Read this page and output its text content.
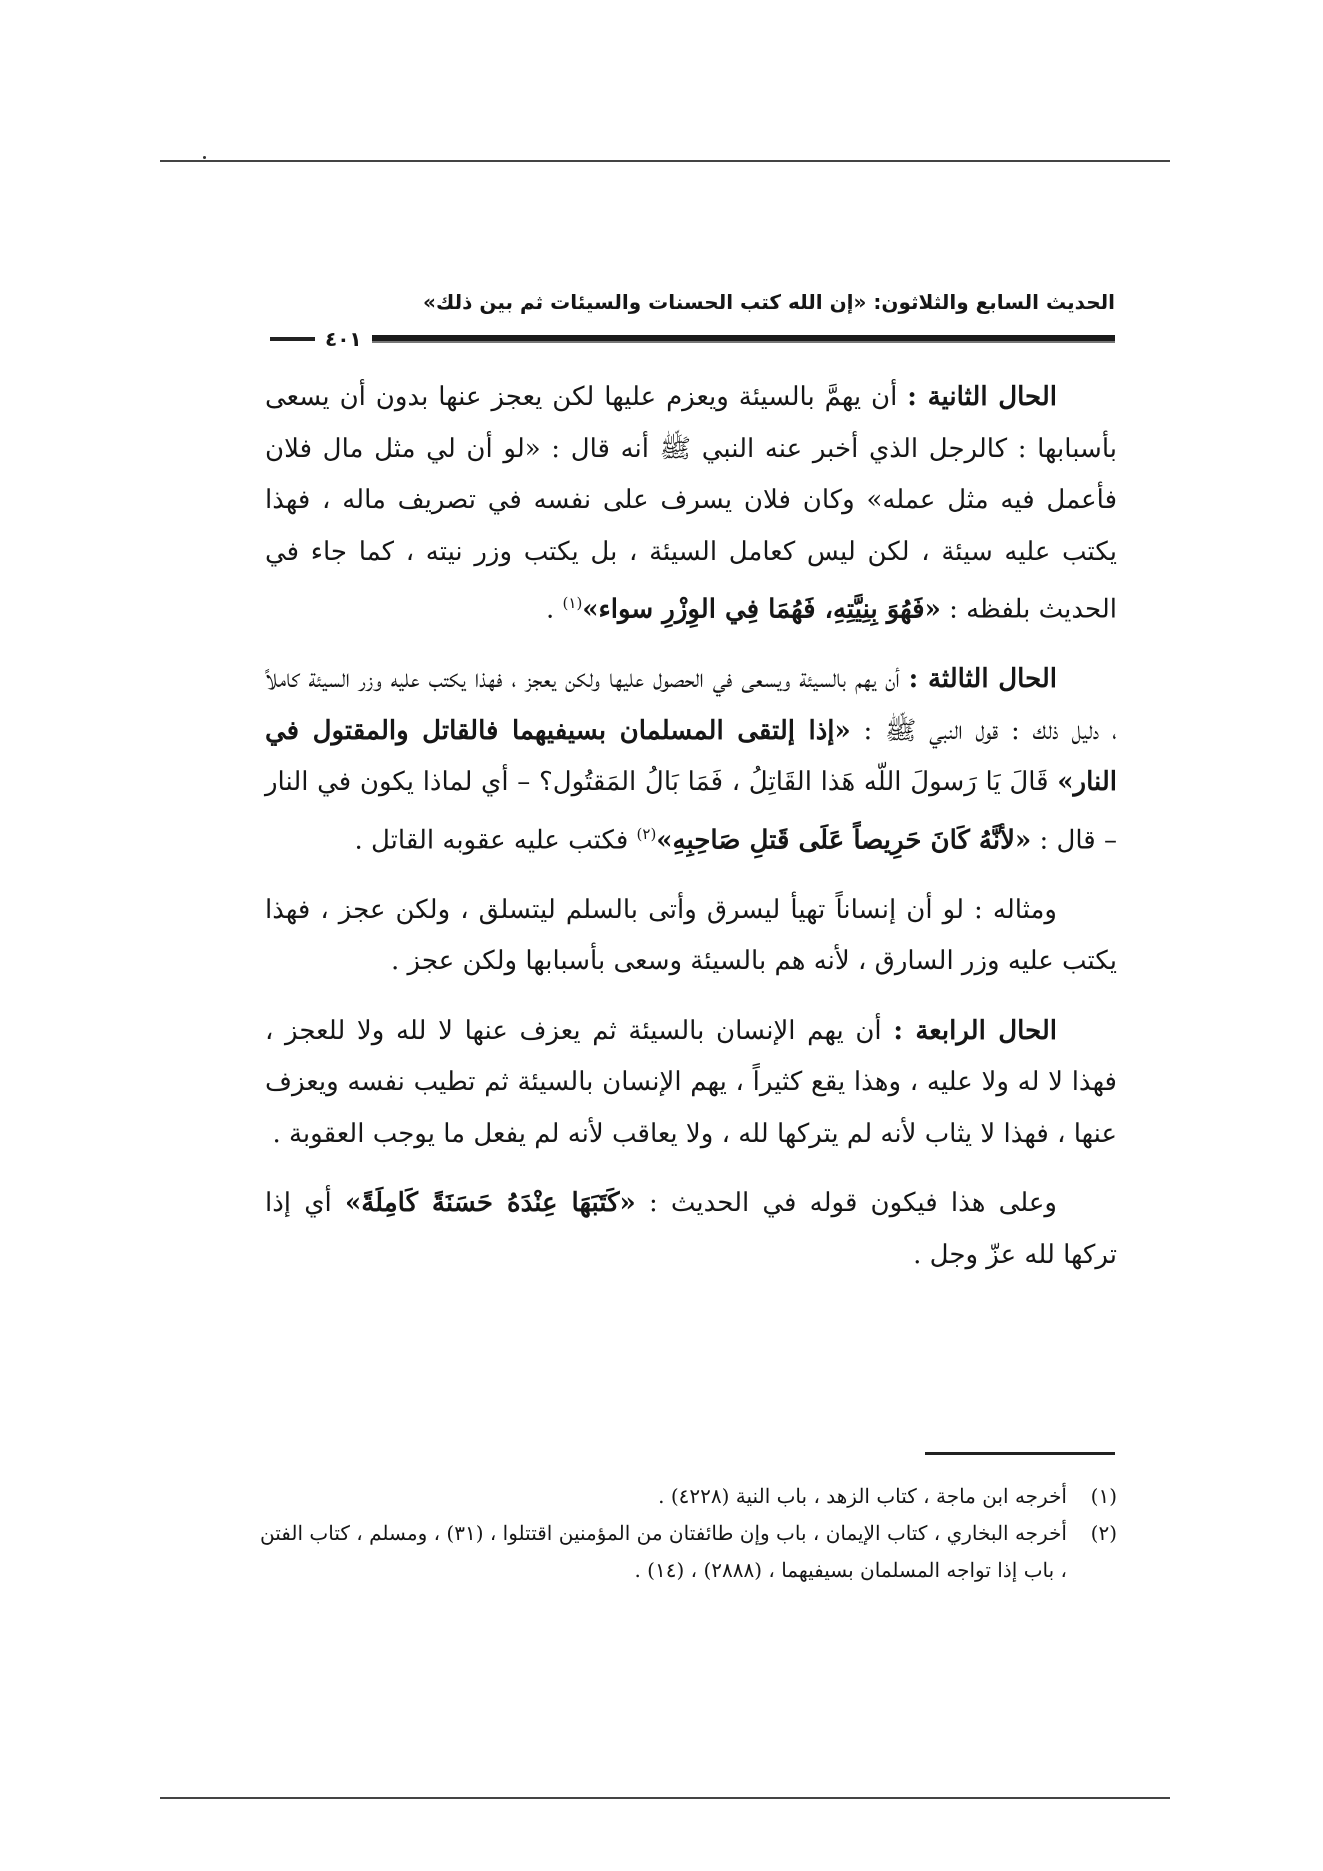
الحديث السابع والثلاثون: «إن الله كتب الحسنات والسيئات ثم بين ذلك»
٤٠١

الحال الثانية : أن يهمَّ بالسيئة ويعزم عليها لكن يعجز عنها بدون أن يسعى بأسبابها : كالرجل الذي أخبر عنه النبي ﷺ أنه قال : «لو أن لي مثل مال فلان فأعمل فيه مثل عمله» وكان فلان يسرف على نفسه في تصريف ماله ، فهذا يكتب عليه سيئة ، لكن ليس كعامل السيئة ، بل يكتب وزر نيته ، كما جاء في الحديث بلفظه : «فَهُوَ بِنِيَّتِهِ، فَهُمَا فِي الوِزْرِ سواء»$^{(١)}$ .

الحال الثالثة : أن يهم بالسيئة ويسعى في الحصول عليها ولكن يعجز ، فهذا يكتب عليه وزر السيئة كاملاً ، دليل ذلك : قول النبي ﷺ : «إذا إلتقى المسلمان بسيفيهما فالقاتل والمقتول في النار» قَالَ يَا رَسولَ اللّه هَذا القَاتِلُ ، فَمَا بَالُ المَقتُول؟ – أي لماذا يكون في النار – قال : «لأنَّهُ كَانَ حَرِيصاً عَلَى قَتلِ صَاحِبِهِ»$^{(٢)}$ فكتب عليه عقوبه القاتل .

ومثاله : لو أن إنساناً تهيأ ليسرق وأتى بالسلم ليتسلق ، ولكن عجز ، فهذا يكتب عليه وزر السارق ، لأنه هم بالسيئة وسعى بأسبابها ولكن عجز .

الحال الرابعة : أن يهم الإنسان بالسيئة ثم يعزف عنها لا لله ولا للعجز ، فهذا لا له ولا عليه ، وهذا يقع كثيراً ، يهم الإنسان بالسيئة ثم تطيب نفسه ويعزف عنها ، فهذا لا يثاب لأنه لم يتركها لله ، ولا يعاقب لأنه لم يفعل ما يوجب العقوبة .

وعلى هذا فيكون قوله في الحديث : «كَتَبَهَا عِنْدَهُ حَسَنَةً كَامِلَةً» أي إذا تركها لله عزّ وجل .

(١)
أخرجه ابن ماجة ، كتاب الزهد ، باب النية (٤٢٢٨) .
(٢)
أخرجه البخاري ، كتاب الإيمان ، باب وإن طائفتان من المؤمنين اقتتلوا ، (٣١) ، ومسلم ، كتاب الفتن ، باب إذا تواجه المسلمان بسيفيهما ، (٢٨٨٨) ، (١٤) .
